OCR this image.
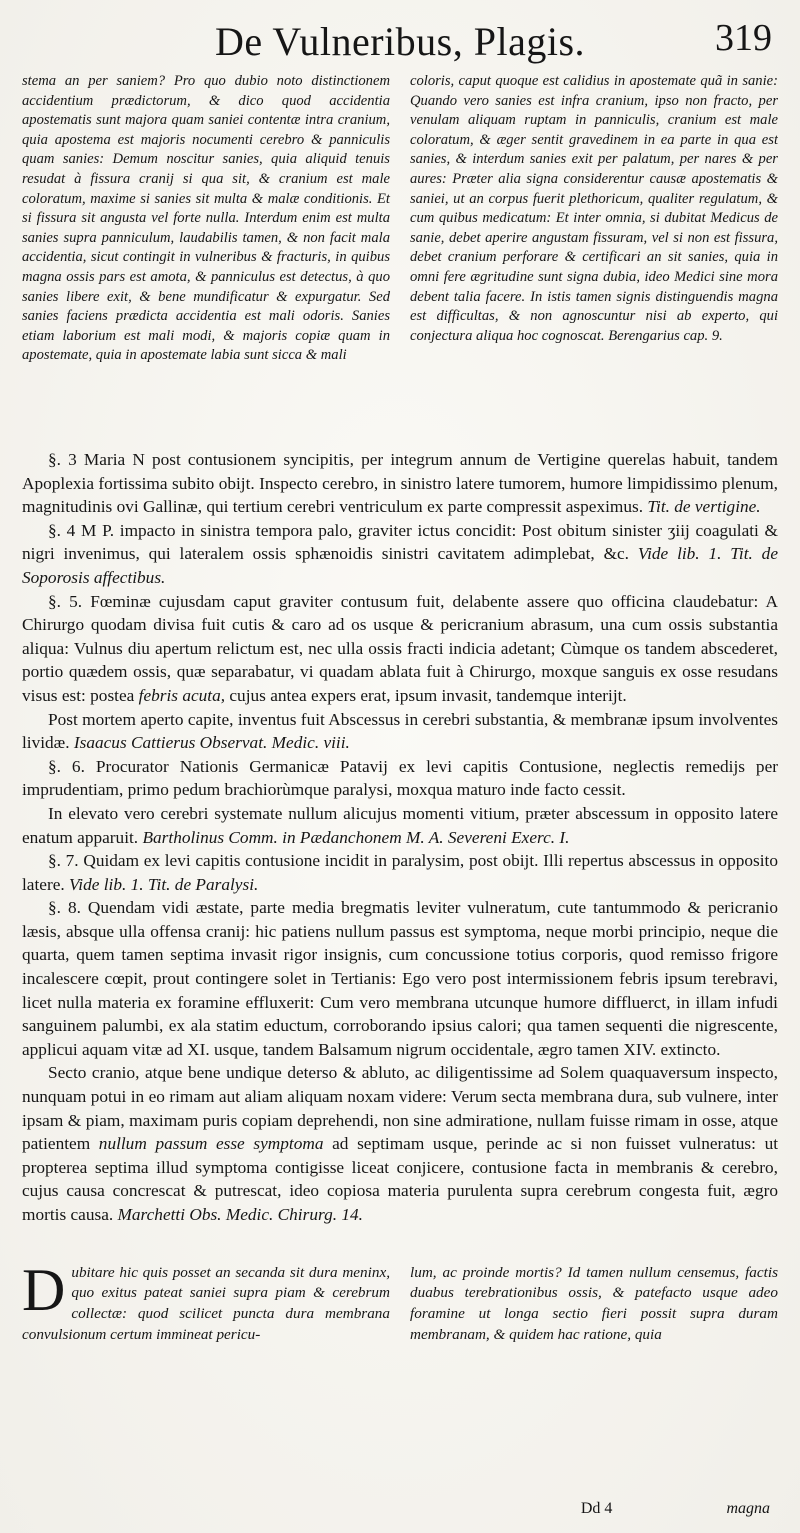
De Vulneribus, Plagis.	319

stema an per saniem? Pro quo dubio noto distinctionem accidentium prædictorum, & dico quod accidentia apostematis sunt majora quam saniei contentæ intra cranium, quia apostema est majoris nocumenti cerebro & panniculis quam sanies: Demum noscitur sanies, quia aliquid tenuis resudat à fissura cranij si qua sit, & cranium est male coloratum, maxime si sanies sit multa & malæ conditionis. Et si fissura sit angusta vel forte nulla. Interdum enim est multa sanies supra panniculum, laudabilis tamen, & non facit mala accidentia, sicut contingit in vulneribus & fracturis, in quibus magna ossis pars est amota, & panniculus est detectus, à quo sanies libere exit, & bene mundificatur & expurgatur. Sed sanies faciens prædicta accidentia est mali odoris. Sanies etiam laborium est mali modi, & majoris copiæ quam in apostemate, quia in apostemate labia sunt sicca & mali

coloris, caput quoque est calidius in apostemate quã in sanie: Quando vero sanies est infra cranium, ipso non fracto, per venulam aliquam ruptam in panniculis, cranium est male coloratum, & æger sentit gravedinem in ea parte in qua est sanies, & interdum sanies exit per palatum, per nares & per aures: Præter alia signa considerentur causæ apostematis & saniei, ut an corpus fuerit plethoricum, qualiter regulatum, & cum quibus medicatum: Et inter omnia, si dubitat Medicus de sanie, debet aperire angustam fissuram, vel si non est fissura, debet cranium perforare & certificari an sit sanies, quia in omni fere ægritudine sunt signa dubia, ideo Medici sine mora debent talia facere. In istis tamen signis distinguendis magna est difficultas, & non agnoscuntur nisi ab experto, qui conjectura aliqua hoc cognoscat. Berengarius cap. 9.

§. 3 Maria N post contusionem syncipitis, per integrum annum de Vertigine querelas habuit, tandem Apoplexia fortissima subito obijt. Inspecto cerebro, in sinistro latere tumorem, humore limpidissimo plenum, magnitudinis ovi Gallinæ, qui tertium cerebri ventriculum ex parte compressit aspeximus. Tit. de vertigine.

§. 4 M P. impacto in sinistra tempora palo, graviter ictus concidit: Post obitum sinister ʒiij coagulati & nigri invenimus, qui lateralem ossis sphænoidis sinistri cavitatem adimplebat, &c. Vide lib. 1. Tit. de Soporosis affectibus.

§. 5. Fœminæ cujusdam caput graviter contusum fuit, delabente assere quo officina claudebatur: A Chirurgo quodam divisa fuit cutis & caro ad os usque & pericranium abrasum, una cum ossis substantia aliqua: Vulnus diu apertum relictum est, nec ulla ossis fracti indicia adetant; Cùmque os tandem abscederet, portio quædem ossis, quæ separabatur, vi quadam ablata fuit à Chirurgo, moxque sanguis ex osse resudans visus est: postea febris acuta, cujus antea expers erat, ipsum invasit, tandemque interijt.

Post mortem aperto capite, inventus fuit Abscessus in cerebri substantia, & membranæ ipsum involventes lividæ. Isaacus Cattierus Observat. Medic. viii.

§. 6. Procurator Nationis Germanicæ Patavij ex levi capitis Contusione, neglectis remedijs per imprudentiam, primo pedum brachiorùmque paralysi, moxqua maturo inde facto cessit.

In elevato vero cerebri systemate nullum alicujus momenti vitium, præter abscessum in opposito latere enatum apparuit. Bartholinus Comm. in Pædanchonem M. A. Severeni Exerc. I.

§. 7. Quidam ex levi capitis contusione incidit in paralysim, post obijt. Illi repertus abscessus in opposito latere. Vide lib. 1. Tit. de Paralysi.

§. 8. Quendam vidi æstate, parte media bregmatis leviter vulneratum, cute tantummodo & pericranio læsis, absque ulla offensa cranij: hic patiens nullum passus est symptoma, neque morbi principio, neque die quarta, quem tamen septima invasit rigor insignis, cum concussione totius corporis, quod remisso frigore incalescere cœpit, prout contingere solet in Tertianis: Ego vero post intermissionem febris ipsum terebravi, licet nulla materia ex foramine effluxerit: Cum vero membrana utcunque humore diffluerct, in illam infudi sanguinem palumbi, ex ala statim eductum, corroborando ipsius calori; qua tamen sequenti die nigrescente, applicui aquam vitæ ad XI. usque, tandem Balsamum nigrum occidentale, ægro tamen XIV. extincto.

Secto cranio, atque bene undique deterso & abluto, ac diligentissime ad Solem quaquaversum inspecto, nunquam potui in eo rimam aut aliam aliquam noxam videre: Verum secta membrana dura, sub vulnere, inter ipsam & piam, maximam puris copiam deprehendi, non sine admiratione, nullam fuisse rimam in osse, atque patientem nullum passum esse symptoma ad septimam usque, perinde ac si non fuisset vulneratus: ut propterea septima illud symptoma contigisse liceat conjicere, contusione facta in membranis & cerebro, cujus causa concrescat & putrescat, ideo copiosa materia purulenta supra cerebrum congesta fuit, ægro mortis causa. Marchetti Obs. Medic. Chirurg. 14.

D ubitare hic quis posset an secanda sit dura meninx, quo exitus pateat saniei supra piam & cerebrum collectæ: quod scilicet puncta dura membrana convulsionum certum immineat pericu-
lum, ac proinde mortis? Id tamen nullum censemus, factis duabus terebrationibus ossis, & patefacto usque adeo foramine ut longa sectio fieri possit supra duram membranam, & quidem hac ratione, quia
Dd 4	magna
